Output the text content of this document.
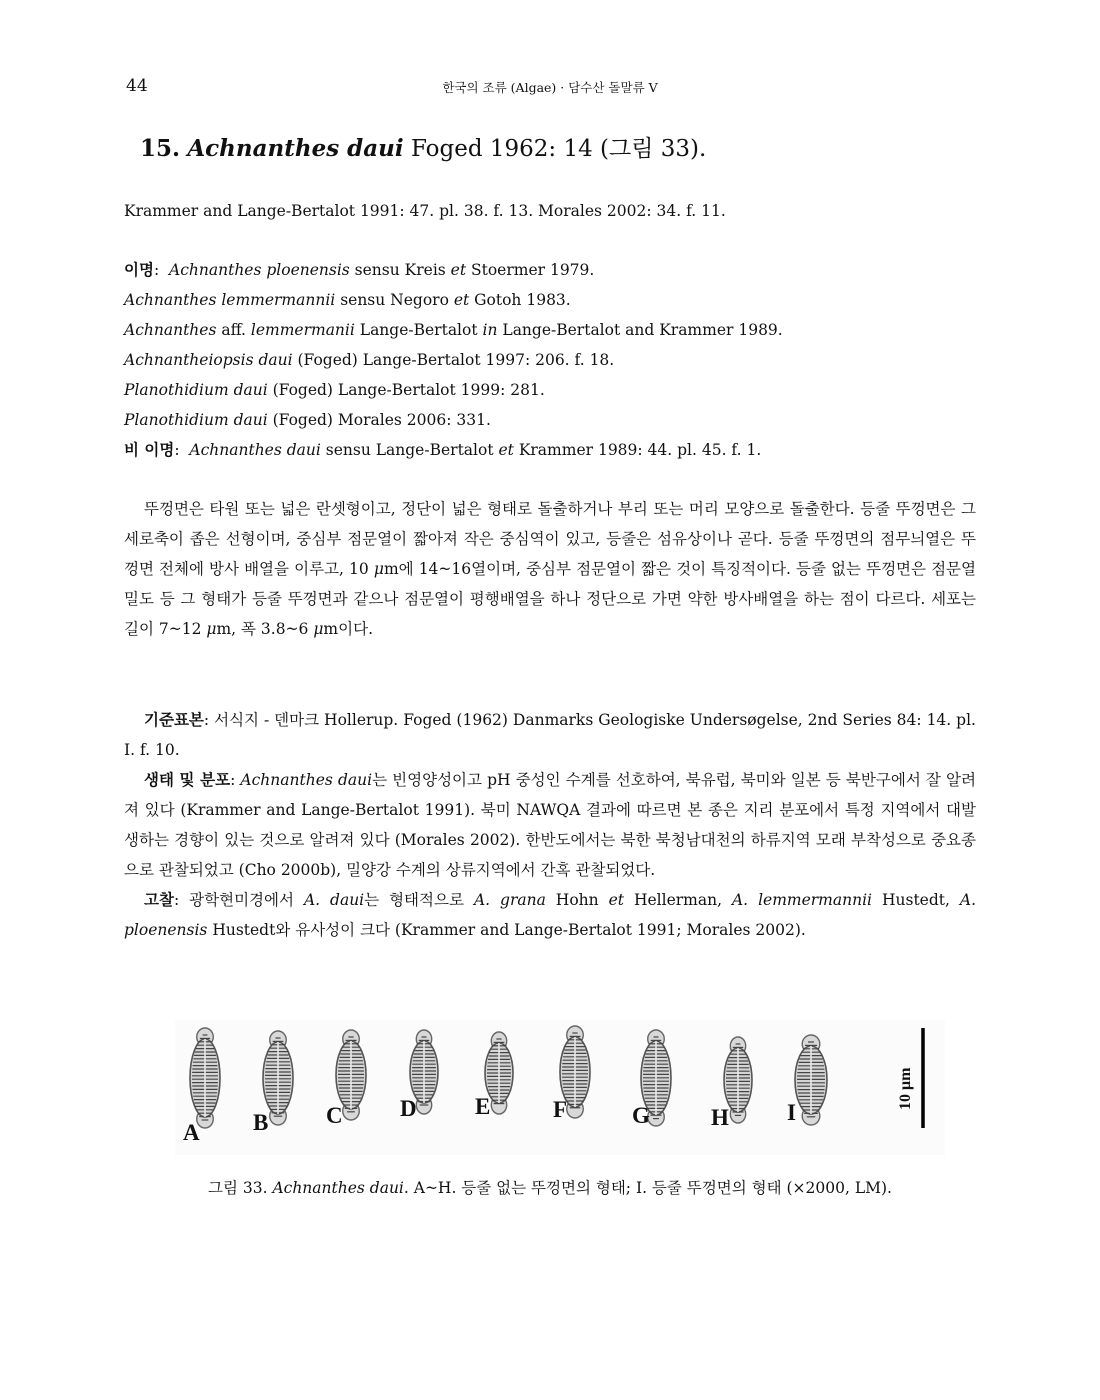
44	한국의 조류 (Algae) · 담수산 돌말류 V
15. Achnanthes daui Foged 1962: 14 (그림 33).

Krammer and Lange-Bertalot 1991: 47. pl. 38. f. 13. Morales 2002: 34. f. 11.

이명:  Achnanthes ploenensis sensu Kreis et Stoermer 1979.
Achnanthes lemmermannii sensu Negoro et Gotoh 1983.
Achnanthes aff. lemmermanii Lange-Bertalot in Lange-Bertalot and Krammer 1989.
Achnantheiopsis daui (Foged) Lange-Bertalot 1997: 206. f. 18.
Planothidium daui (Foged) Lange-Bertalot 1999: 281.
Planothidium daui (Foged) Morales 2006: 331.
비 이명:  Achnanthes daui sensu Lange-Bertalot et Krammer 1989: 44. pl. 45. f. 1.

뚜껑면은 타원 또는 넓은 란셋형이고, 정단이 넓은 형태로 돌출하거나 부리 또는 머리 모양으로 돌출한다. 등줄 뚜껑면은 그 세로축이 좁은 선형이며, 중심부 점문열이 짧아져 작은 중심역이 있고, 등줄은 섬유상이나 곧다. 등줄 뚜껑면의 점무늬열은 뚜껑면 전체에 방사 배열을 이루고, 10 μm에 14~16열이며, 중심부 점문열이 짧은 것이 특징적이다. 등줄 없는 뚜껑면은 점문열 밀도 등 그 형태가 등줄 뚜껑면과 같으나 점문열이 평행배열을 하나 정단으로 가면 약한 방사배열을 하는 점이 다르다. 세포는 길이 7~12 μm, 폭 3.8~6 μm이다.

기준표본: 서식지 - 덴마크 Hollerup. Foged (1962) Danmarks Geologiske Undersøgelse, 2nd Series 84: 14. pl. I. f. 10.

생태 및 분포: Achnanthes daui는 빈영양성이고 pH 중성인 수계를 선호하여, 북유럽, 북미와 일본 등 북반구에서 잘 알려져 있다 (Krammer and Lange-Bertalot 1991). 북미 NAWQA 결과에 따르면 본 종은 지리 분포에서 특정 지역에서 대발생하는 경향이 있는 것으로 알려져 있다 (Morales 2002). 한반도에서는 북한 북청남대천의 하류지역 모래 부착성으로 중요종으로 관찰되었고 (Cho 2000b), 밀양강 수계의 상류지역에서 간혹 관찰되었다.

고찰: 광학현미경에서 A. daui는 형태적으로 A. grana Hohn et Hellerman, A. lemmermannii Hustedt, A. ploenensis Hustedt와 유사성이 크다 (Krammer and Lange-Bertalot 1991; Morales 2002).

A B	C D	E	F	G	H	I
10 μm
그림 33. Achnanthes daui. A~H. 등줄 없는 뚜껑면의 형태; I. 등줄 뚜껑면의 형태 (×2000, LM).
